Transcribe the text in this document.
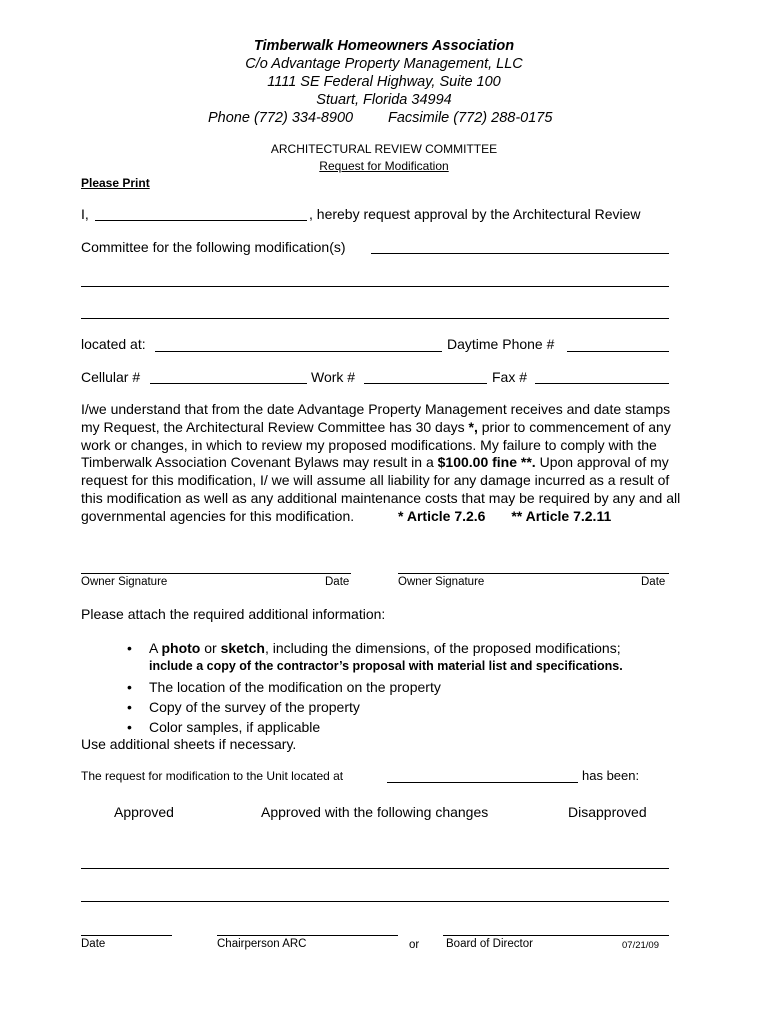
Timberwalk Homeowners Association
C/o Advantage Property Management, LLC
1111 SE Federal Highway, Suite 100
Stuart, Florida 34994
Phone (772) 334-8900 Facsimile (772) 288-0175
ARCHITECTURAL REVIEW COMMITTEE
Request for Modification
Please Print
I,	, hereby request approval by the Architectural Review
Committee for the following modification(s)
located at:	Daytime Phone #
Cellular #	Work #	Fax #
I/we understand that from the date Advantage Property Management receives and date stamps my Request, the Architectural Review Committee has 30 days *, prior to commencement of any work or changes, in which to review my proposed modifications. My failure to comply with the Timberwalk Association Covenant Bylaws may result in a $100.00 fine **. Upon approval of my request for this modification, I/ we will assume all liability for any damage incurred as a result of this modification as well as any additional maintenance costs that may be required by any and all governmental agencies for this modification.	* Article 7.2.6 ** Article 7.2.11
Owner Signature	Date	Owner Signature	Date
Please attach the required additional information:
• A photo or sketch, including the dimensions, of the proposed modifications;
include a copy of the contractor’s proposal with material list and specifications.
• The location of the modification on the property
• Copy of the survey of the property
• Color samples, if applicable
Use additional sheets if necessary.
The request for modification to the Unit located at	has been:
Approved	Approved with the following changes	Disapproved
Date	Chairperson ARC	or Board of Director	07/21/09
